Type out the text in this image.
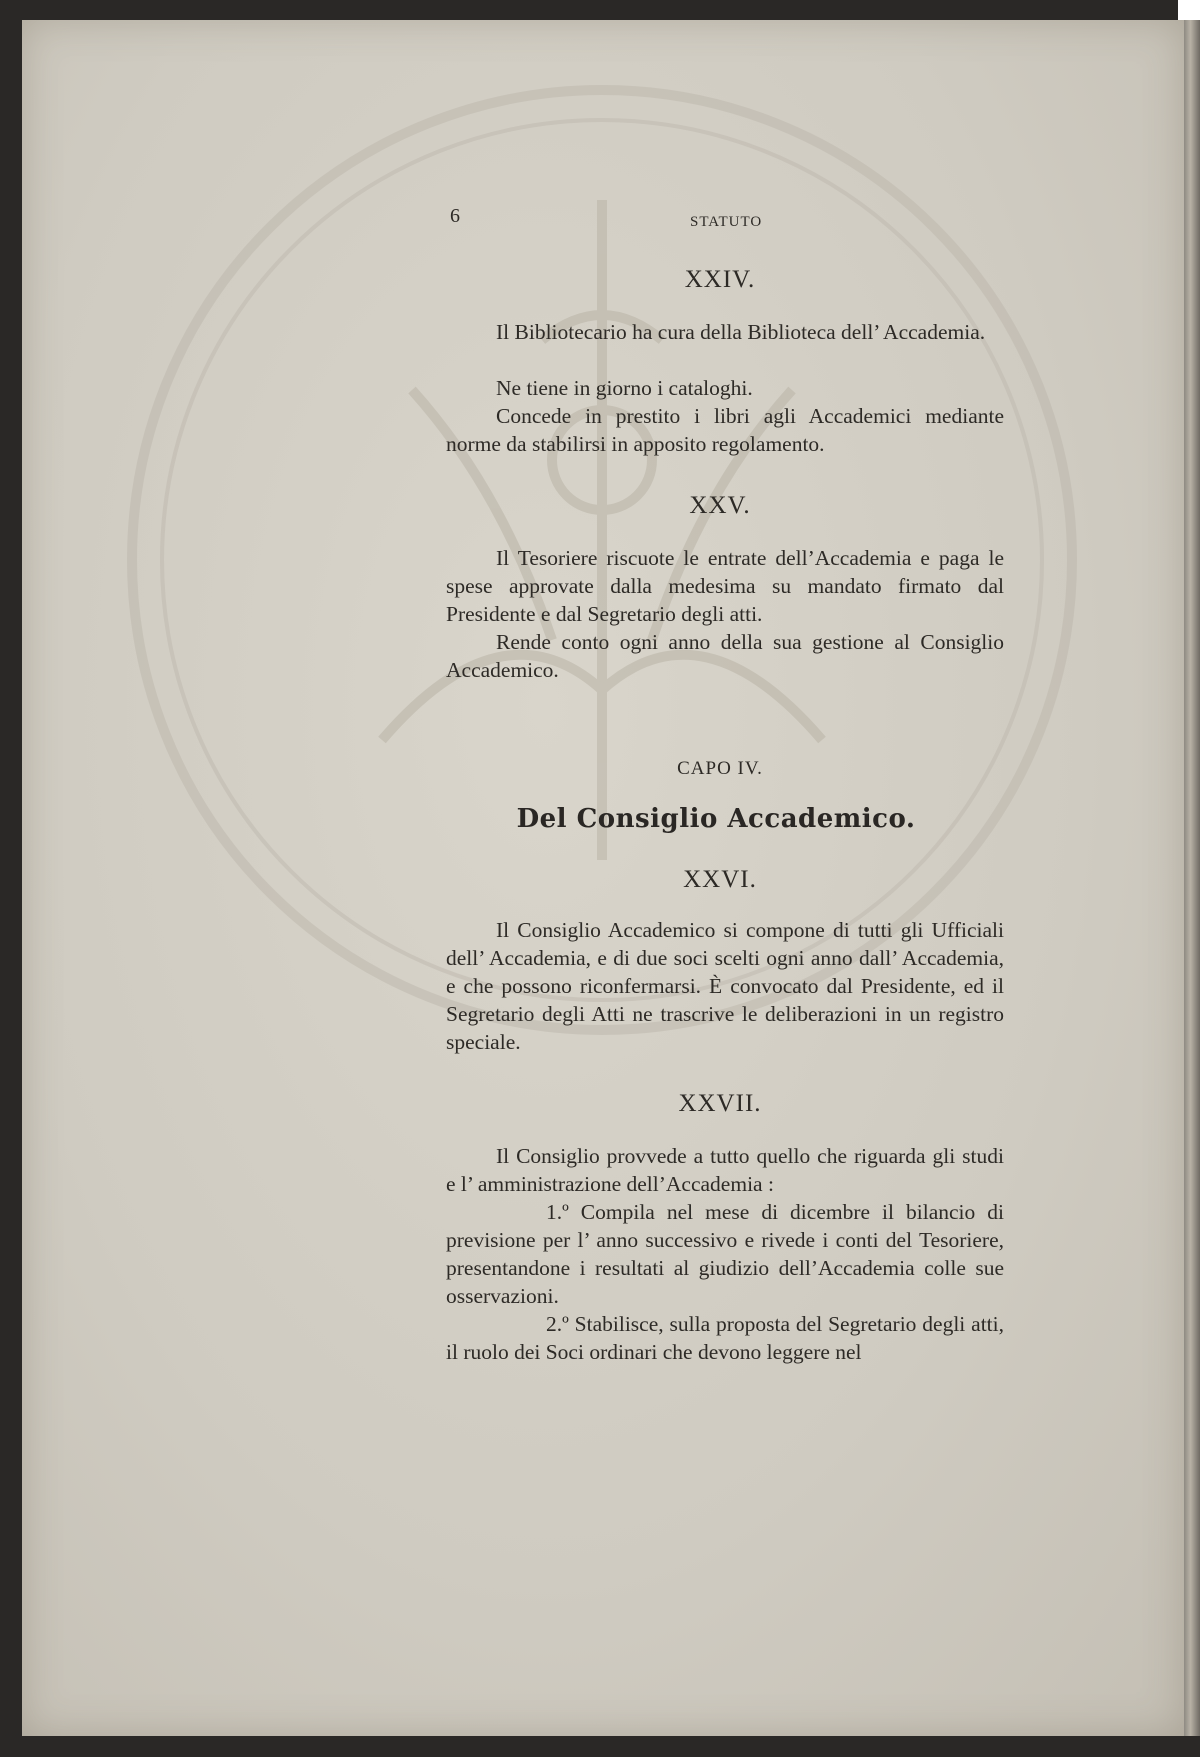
6	STATUTO
XXIV.
Il Bibliotecario ha cura della Biblioteca dell’ Accademia.
Ne tiene in giorno i cataloghi.
Concede in prestito i libri agli Accademici mediante norme da stabilirsi in apposito regolamento.
XXV.
Il Tesoriere riscuote le entrate dell’Accademia e paga le spese approvate dalla medesima su mandato firmato dal Presidente e dal Segretario degli atti.
Rende conto ogni anno della sua gestione al Consiglio Accademico.
CAPO IV.
Del Consiglio Accademico.
XXVI.
Il Consiglio Accademico si compone di tutti gli Ufficiali dell’ Accademia, e di due soci scelti ogni anno dall’ Accademia, e che possono riconfermarsi. È convocato dal Presidente, ed il Segretario degli Atti ne trascrive le deliberazioni in un registro speciale.
XXVII.
Il Consiglio provvede a tutto quello che riguarda gli studi e l’ amministrazione dell’Accademia :
1.º Compila nel mese di dicembre il bilancio di previsione per l’ anno successivo e rivede i conti del Tesoriere, presentandone i resultati al giudizio dell’Accademia colle sue osservazioni.
2.º Stabilisce, sulla proposta del Segretario degli atti, il ruolo dei Soci ordinari che devono leggere nel
